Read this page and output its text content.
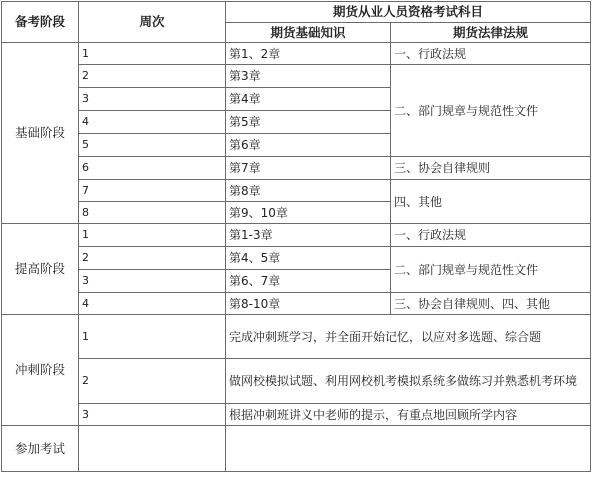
备考阶段	周次	期货从业人员资格考试科目	
		期货基础知识	期货法律法规
基础阶段	1	第1、2章	一、行政法规
	2	第3章	二、部门规章与规范性文件
	3	第4章	
	4	第5章	
	5	第6章	
	6	第7章	三、协会自律规则
	7	第8章	四、其他
	8	第9、10章	
提高阶段	1	第1-3章	一、行政法规
	2	第4、5章	二、部门规章与规范性文件
	3	第6、7章	
	4	第8-10章	三、协会自律规则、四、其他
冲刺阶段	1	完成冲刺班学习，并全面开始记忆，以应对多选题、综合题	
	2	做网校模拟试题、利用网校机考模拟系统多做练习并熟悉机考环境	
	3	根据冲刺班讲义中老师的提示，有重点地回顾所学内容	
参加考试			
